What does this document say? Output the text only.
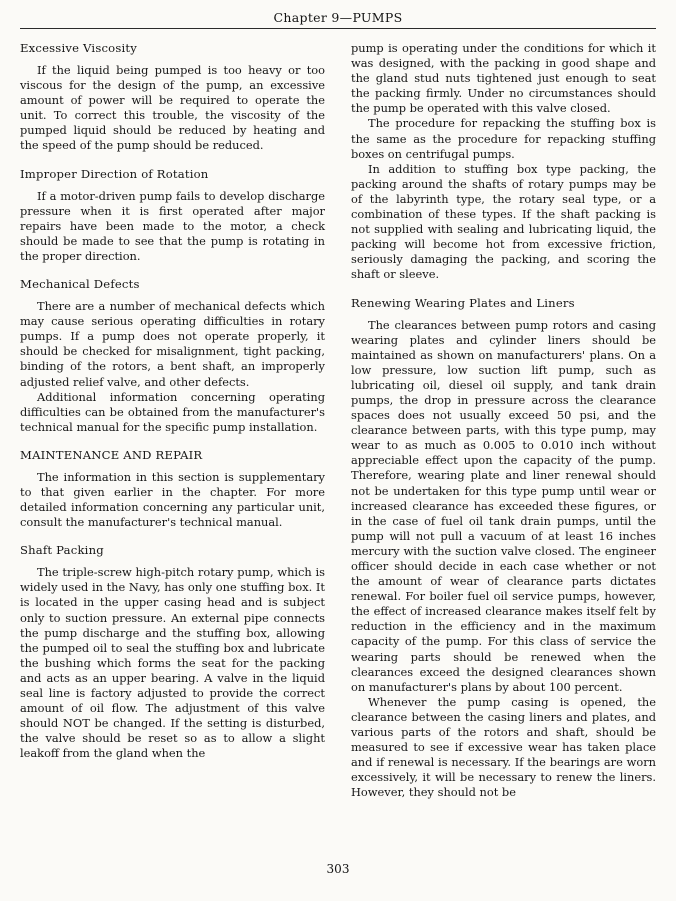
Chapter 9—PUMPS
Excessive Viscosity

If the liquid being pumped is too heavy or too viscous for the design of the pump, an excessive amount of power will be required to operate the unit. To correct this trouble, the viscosity of the pumped liquid should be reduced by heating and the speed of the pump should be reduced.

Improper Direction of Rotation

If a motor-driven pump fails to develop discharge pressure when it is first operated after major repairs have been made to the motor, a check should be made to see that the pump is rotating in the proper direction.

Mechanical Defects

There are a number of mechanical defects which may cause serious operating difficulties in rotary pumps. If a pump does not operate properly, it should be checked for misalignment, tight packing, binding of the rotors, a bent shaft, an improperly adjusted relief valve, and other defects.

Additional information concerning operating difficulties can be obtained from the manufacturer's technical manual for the specific pump installation.

MAINTENANCE AND REPAIR

The information in this section is supplementary to that given earlier in the chapter. For more detailed information concerning any particular unit, consult the manufacturer's technical manual.

Shaft Packing

The triple-screw high-pitch rotary pump, which is widely used in the Navy, has only one stuffing box. It is located in the upper casing head and is subject only to suction pressure. An external pipe connects the pump discharge and the stuffing box, allowing the pumped oil to seal the stuffing box and lubricate the bushing which forms the seat for the packing and acts as an upper bearing. A valve in the liquid seal line is factory adjusted to provide the correct amount of oil flow. The adjustment of this valve should NOT be changed. If the setting is disturbed, the valve should be reset so as to allow a slight leakoff from the gland when the

pump is operating under the conditions for which it was designed, with the packing in good shape and the gland stud nuts tightened just enough to seat the packing firmly. Under no circumstances should the pump be operated with this valve closed.

The procedure for repacking the stuffing box is the same as the procedure for repacking stuffing boxes on centrifugal pumps.

In addition to stuffing box type packing, the packing around the shafts of rotary pumps may be of the labyrinth type, the rotary seal type, or a combination of these types. If the shaft packing is not supplied with sealing and lubricating liquid, the packing will become hot from excessive friction, seriously damaging the packing, and scoring the shaft or sleeve.

Renewing Wearing Plates and Liners

The clearances between pump rotors and casing wearing plates and cylinder liners should be maintained as shown on manufacturers' plans. On a low pressure, low suction lift pump, such as lubricating oil, diesel oil supply, and tank drain pumps, the drop in pressure across the clearance spaces does not usually exceed 50 psi, and the clearance between parts, with this type pump, may wear to as much as 0.005 to 0.010 inch without appreciable effect upon the capacity of the pump. Therefore, wearing plate and liner renewal should not be undertaken for this type pump until wear or increased clearance has exceeded these figures, or in the case of fuel oil tank drain pumps, until the pump will not pull a vacuum of at least 16 inches mercury with the suction valve closed. The engineer officer should decide in each case whether or not the amount of wear of clearance parts dictates renewal. For boiler fuel oil service pumps, however, the effect of increased clearance makes itself felt by reduction in the efficiency and in the maximum capacity of the pump. For this class of service the wearing parts should be renewed when the clearances exceed the designed clearances shown on manufacturer's plans by about 100 percent.

Whenever the pump casing is opened, the clearance between the casing liners and plates, and various parts of the rotors and shaft, should be measured to see if excessive wear has taken place and if renewal is necessary. If the bearings are worn excessively, it will be necessary to renew the liners. However, they should not be

303
